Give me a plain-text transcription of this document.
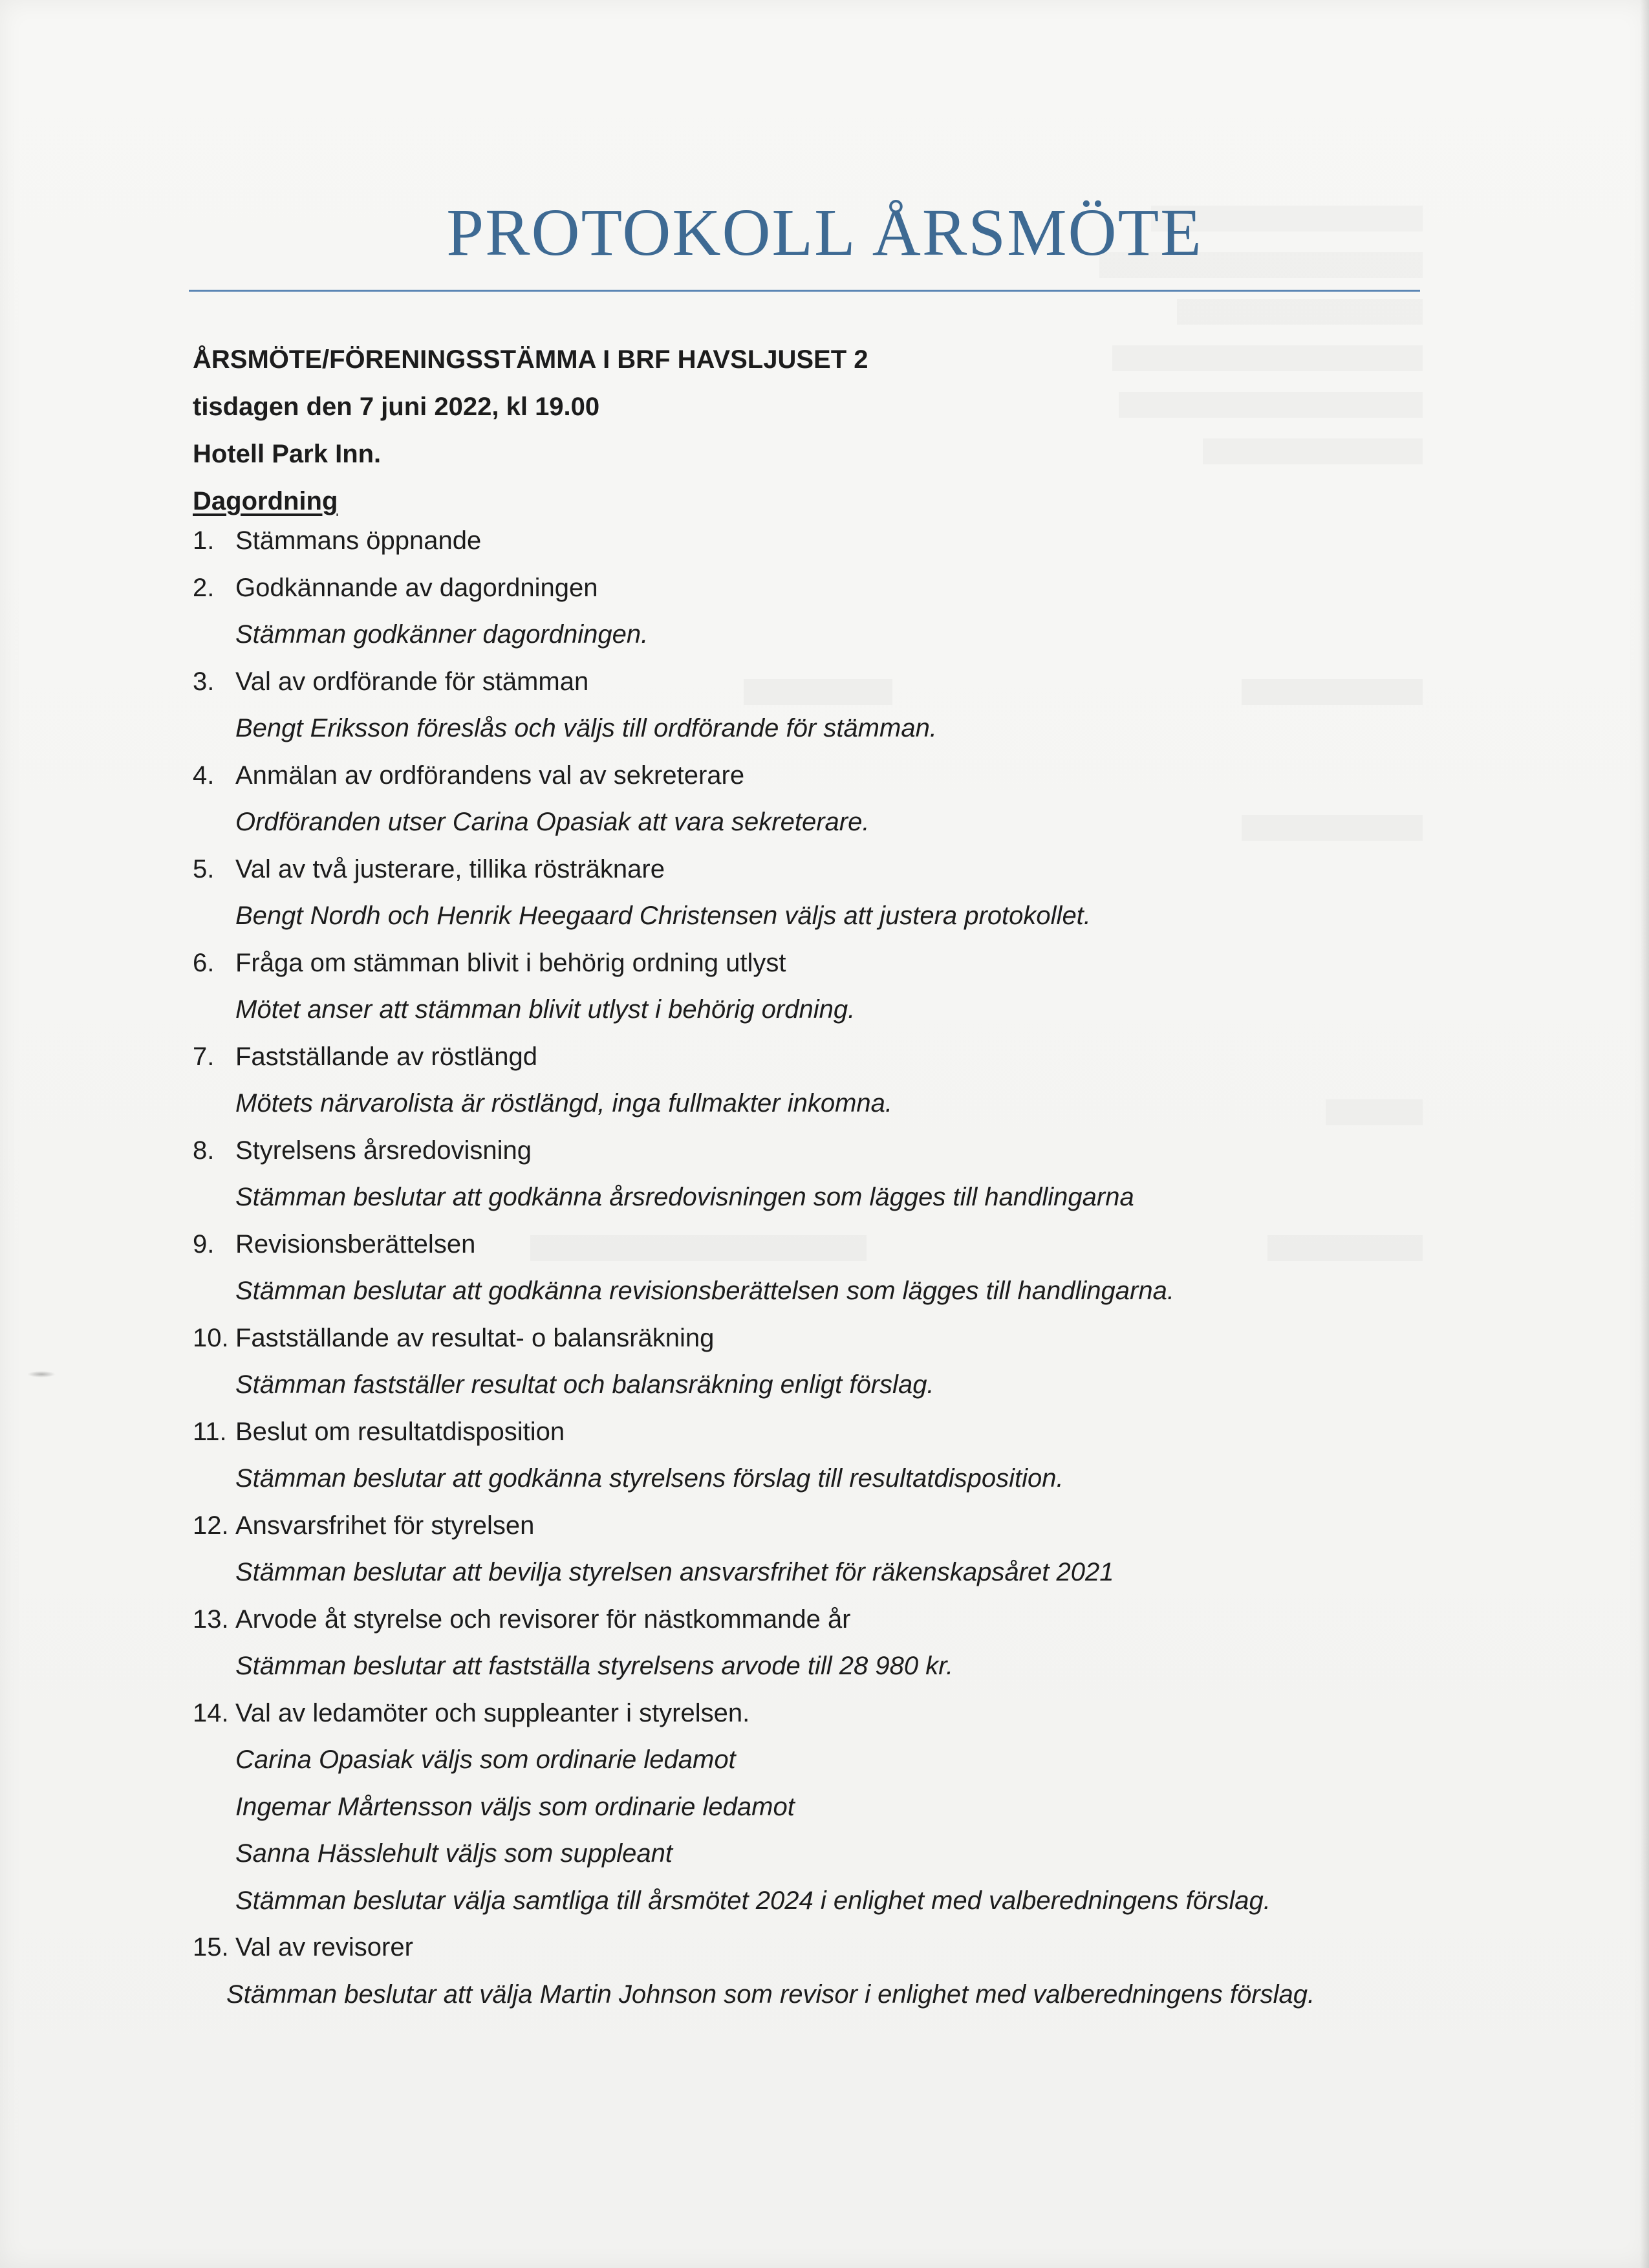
PROTOKOLL ÅRSMÖTE
ÅRSMÖTE/FÖRENINGSSTÄMMA I BRF HAVSLJUSET 2
tisdagen den 7 juni 2022, kl 19.00
Hotell Park Inn.
Dagordning
1. Stämmans öppnande
2. Godkännande av dagordningen
Stämman godkänner dagordningen.
3. Val av ordförande för stämman
Bengt Eriksson föreslås och väljs till ordförande för stämman.
4. Anmälan av ordförandens val av sekreterare
Ordföranden utser Carina Opasiak att vara sekreterare.
5. Val av två justerare, tillika rösträknare
Bengt Nordh och Henrik Heegaard Christensen väljs att justera protokollet.
6. Fråga om stämman blivit i behörig ordning utlyst
Mötet anser att stämman blivit utlyst i behörig ordning.
7. Fastställande av röstlängd
Mötets närvarolista är röstlängd, inga fullmakter inkomna.
8. Styrelsens årsredovisning
Stämman beslutar att godkänna årsredovisningen som lägges till handlingarna
9. Revisionsberättelsen
Stämman beslutar att godkänna revisionsberättelsen som lägges till handlingarna.
10. Fastställande av resultat- o balansräkning
Stämman fastställer resultat och balansräkning enligt förslag.
11. Beslut om resultatdisposition
Stämman beslutar att godkänna styrelsens förslag till resultatdisposition.
12. Ansvarsfrihet för styrelsen
Stämman beslutar att bevilja styrelsen ansvarsfrihet för räkenskapsåret 2021
13. Arvode åt styrelse och revisorer för nästkommande år
Stämman beslutar att fastställa styrelsens arvode till 28 980 kr.
14. Val av ledamöter och suppleanter i styrelsen.
Carina Opasiak väljs som ordinarie ledamot
Ingemar Mårtensson väljs som ordinarie ledamot
Sanna Hässlehult väljs som suppleant
Stämman beslutar välja samtliga till årsmötet 2024 i enlighet med valberedningens förslag.
15. Val av revisorer
Stämman beslutar att välja Martin Johnson som revisor i enlighet med valberedningens förslag.
